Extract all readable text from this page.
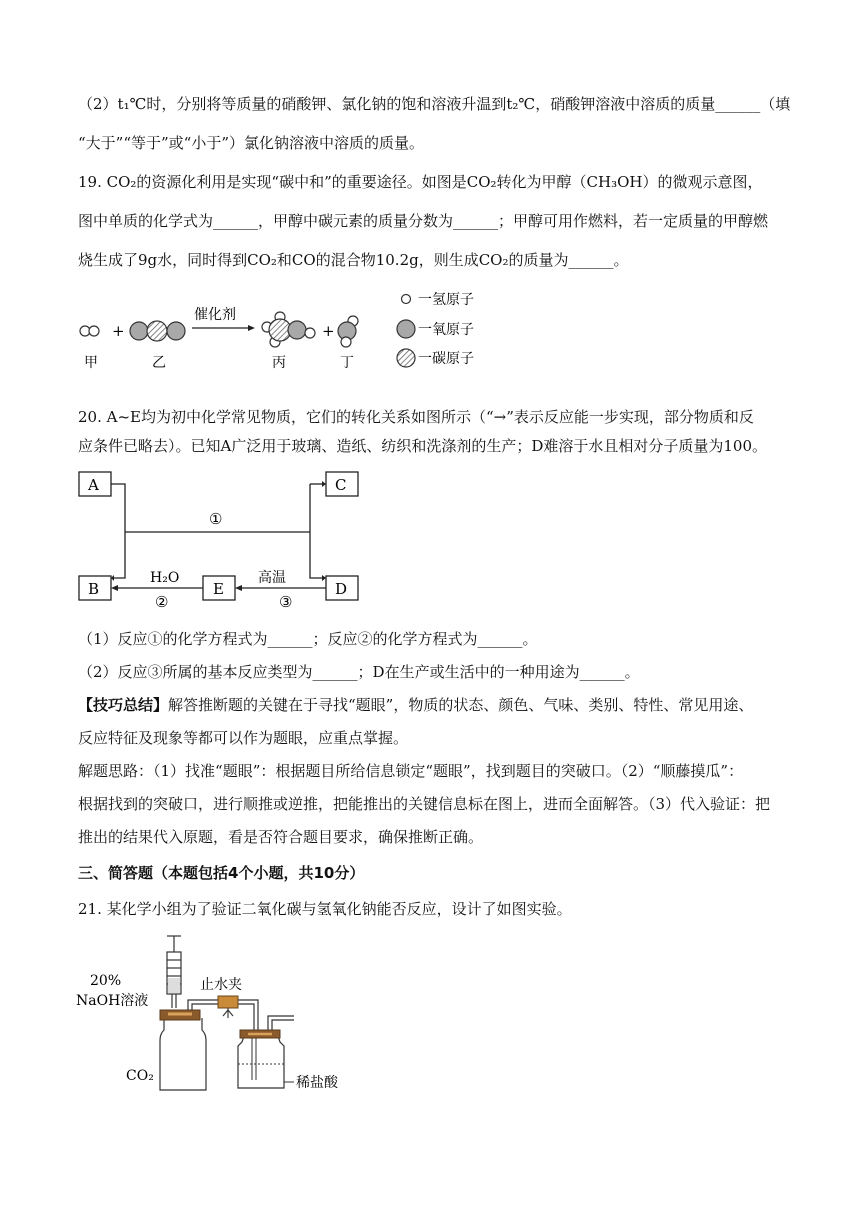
（2）t₁℃时，分别将等质量的硝酸钾、氯化钠的饱和溶液升温到t₂℃，硝酸钾溶液中溶质的质量______（填
“大于”“等于”或“小于”）氯化钠溶液中溶质的质量。
19. CO₂的资源化利用是实现“碳中和”的重要途径。如图是CO₂转化为甲醇（CH₃OH）的微观示意图，
图中单质的化学式为______，甲醇中碳元素的质量分数为______；甲醇可用作燃料，若一定质量的甲醇燃
烧生成了9g水，同时得到CO₂和CO的混合物10.2g，则生成CO₂的质量为______。
+
催化剂
+
甲	乙	丙	丁
一氢原子
一氧原子
一碳原子
20. A~E均为初中化学常见物质，它们的转化关系如图所示（“→”表示反应能一步实现，部分物质和反
应条件已略去）。已知A广泛用于玻璃、造纸、纺织和洗涤剂的生产；D难溶于水且相对分子质量为100。
A	C
B	E	D
①
H₂O
②
高温
③
（1）反应①的化学方程式为______；反应②的化学方程式为______。
（2）反应③所属的基本反应类型为______；D在生产或生活中的一种用途为______。
【技巧总结】解答推断题的关键在于寻找“题眼”，物质的状态、颜色、气味、类别、特性、常见用途、
反应特征及现象等都可以作为题眼，应重点掌握。
解题思路：（1）找准“题眼”：根据题目所给信息锁定“题眼”，找到题目的突破口。（2）“顺藤摸瓜”：
根据找到的突破口，进行顺推或逆推，把能推出的关键信息标在图上，进而全面解答。（3）代入验证：把
推出的结果代入原题，看是否符合题目要求，确保推断正确。
三、简答题（本题包括4个小题，共10分）
21. 某化学小组为了验证二氧化碳与氢氧化钠能否反应，设计了如图实验。
20%
NaOH溶液
CO₂
止水夹
稀盐酸
